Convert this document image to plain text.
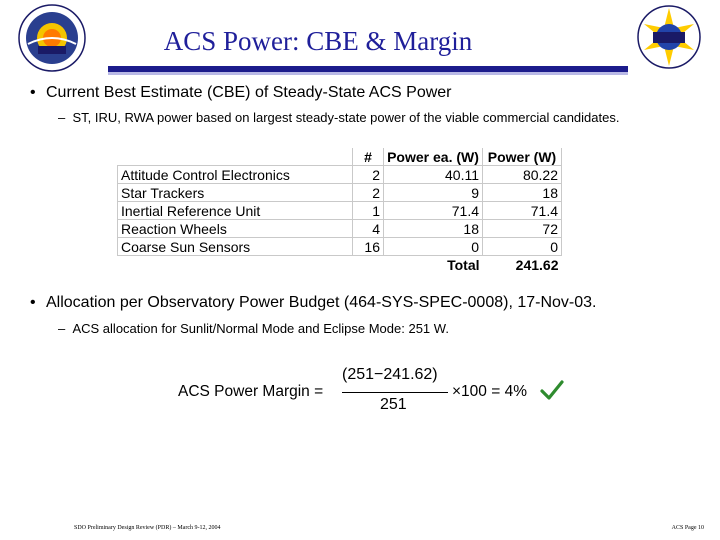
ACS Power: CBE & Margin
• Current Best Estimate (CBE) of Steady-State ACS Power
–  ST, IRU, RWA power based on largest steady-state power of the viable commercial candidates.
	#	Power ea. (W)	Power (W)
Attitude Control Electronics	2	40.11	80.22
Star Trackers	2	9	18
Inertial Reference Unit	1	71.4	71.4
Reaction Wheels	4	18	72
Coarse Sun Sensors	16	0	0
		Total	241.62
• Allocation per Observatory Power Budget (464-SYS-SPEC-0008), 17-Nov-03.
–  ACS allocation for Sunlit/Normal Mode and Eclipse Mode: 251 W.
ACS Power Margin =
(251−241.62)
251
×100 = 4%
SDO Preliminary Design Review (PDR) – March 9-12, 2004	ACS Page 10
